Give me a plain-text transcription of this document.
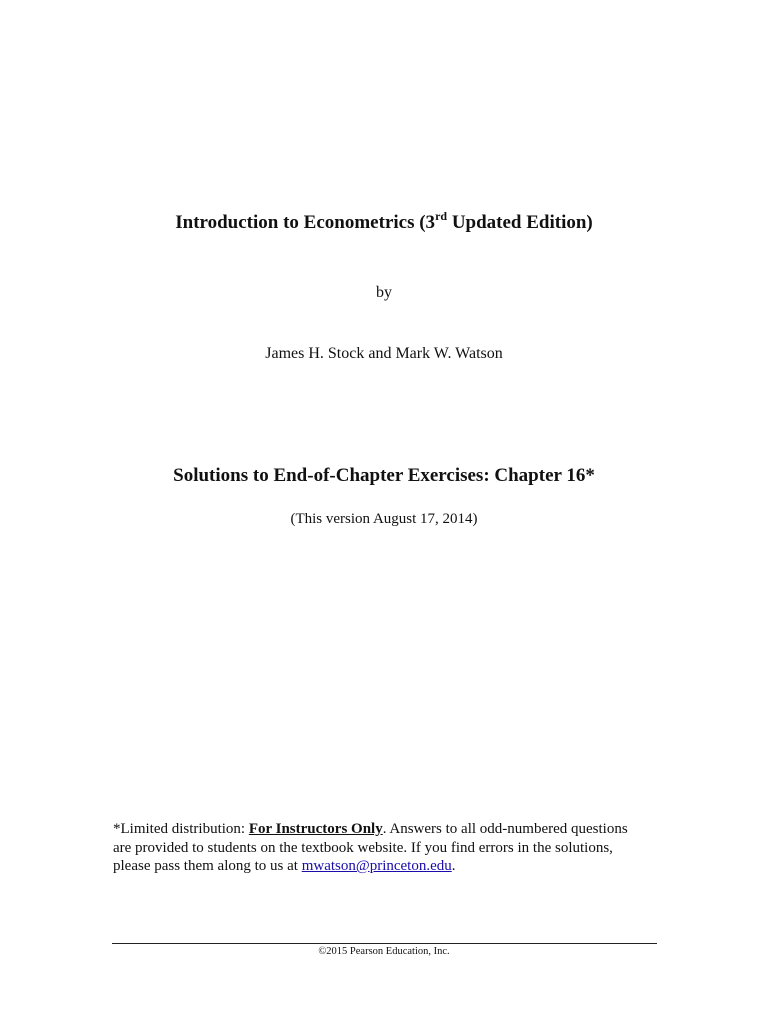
Introduction to Econometrics (3rd Updated Edition)
by
James H. Stock and Mark W. Watson
Solutions to End-of-Chapter Exercises: Chapter 16*
(This version August 17, 2014)
*Limited distribution: For Instructors Only. Answers to all odd-numbered questions
are provided to students on the textbook website. If you find errors in the solutions,
please pass them along to us at mwatson@princeton.edu.
©2015 Pearson Education, Inc.
